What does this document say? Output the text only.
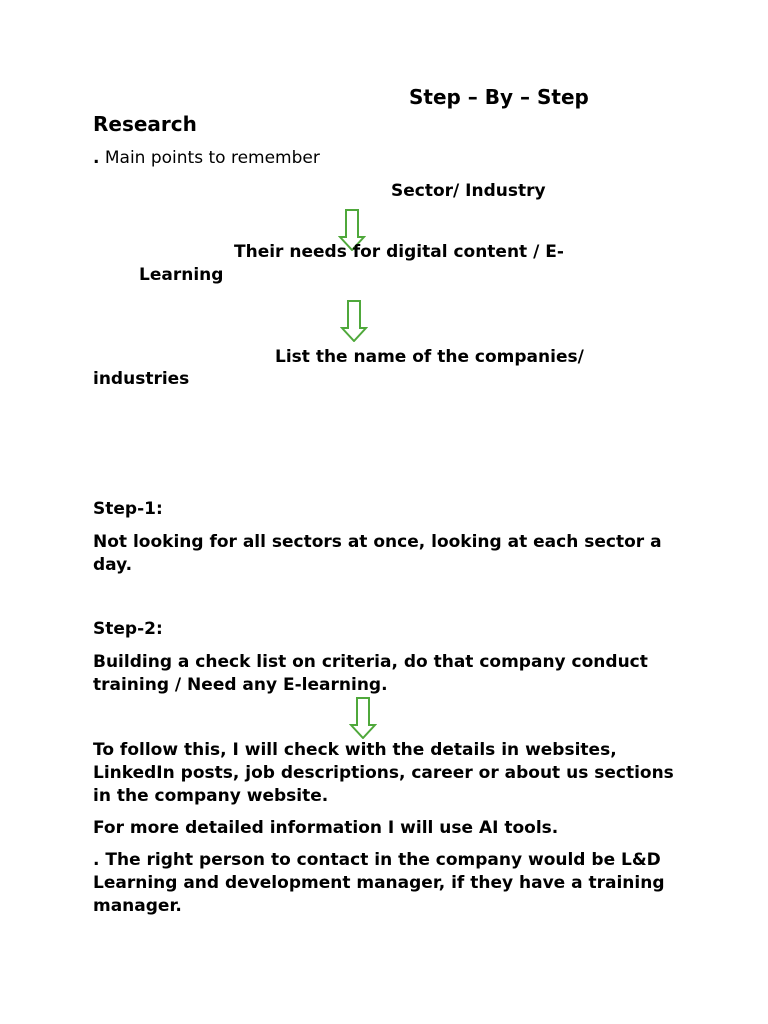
Step – By – Step
Research
. Main points to remember
Sector/ Industry
Their needs for digital content / E-
Learning
List the name of the companies/
industries
Step-1:
Not looking for all sectors at once, looking at each sector a day.
Step-2:
Building a check list on criteria, do that company conduct training / Need any E-learning.
To follow this, I will check with the details in websites, LinkedIn posts, job descriptions, career or about us sections in the company website.
For more detailed information I will use AI tools.
. The right person to contact in the company would be L&D Learning and development manager, if they have a training manager.
